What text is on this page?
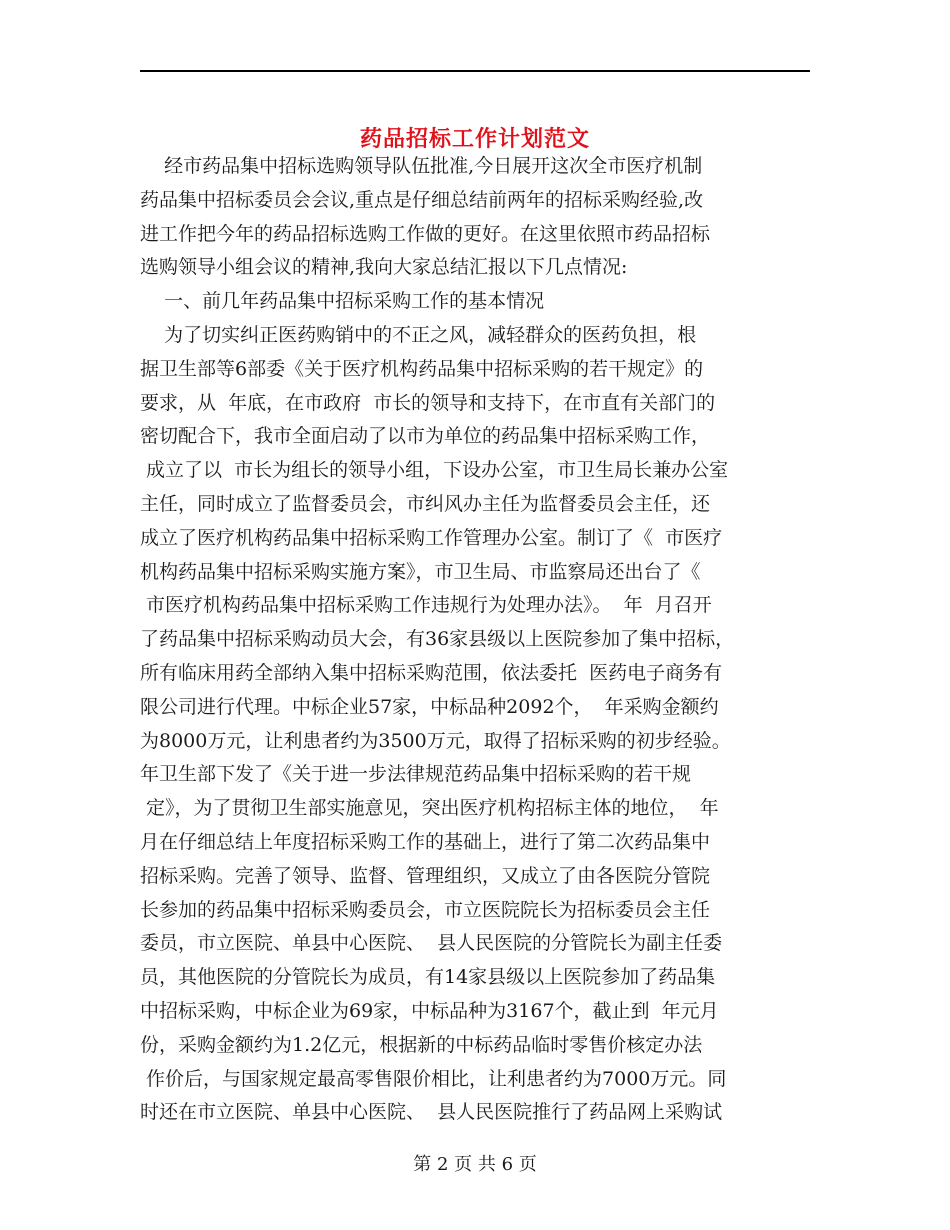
药品招标工作计划范文
经市药品集中招标选购领导队伍批准,今日展开这次全市医疗机制
药品集中招标委员会会议,重点是仔细总结前两年的招标采购经验,改
进工作把今年的药品招标选购工作做的更好。在这里依照市药品招标
选购领导小组会议的精神,我向大家总结汇报以下几点情况:
一、前几年药品集中招标采购工作的基本情况
为了切实纠正医药购销中的不正之风，减轻群众的医药负担，根
据卫生部等6部委《关于医疗机构药品集中招标采购的若干规定》的
要求，从  年底，在市政府  市长的领导和支持下，在市直有关部门的
密切配合下，我市全面启动了以市为单位的药品集中招标采购工作，
成立了以  市长为组长的领导小组，下设办公室，市卫生局长兼办公室
主任，同时成立了监督委员会，市纠风办主任为监督委员会主任，还
成立了医疗机构药品集中招标采购工作管理办公室。制订了《  市医疗
机构药品集中招标采购实施方案》，市卫生局、市监察局还出台了《
市医疗机构药品集中招标采购工作违规行为处理办法》。  年  月召开
了药品集中招标采购动员大会，有36家县级以上医院参加了集中招标，
所有临床用药全部纳入集中招标采购范围，依法委托  医药电子商务有
限公司进行代理。中标企业57家，中标品种2092个，  年采购金额约
为8000万元，让利患者约为3500万元，取得了招标采购的初步经验。
年卫生部下发了《关于进一步法律规范药品集中招标采购的若干规
定》，为了贯彻卫生部实施意见，突出医疗机构招标主体的地位，  年
月在仔细总结上年度招标采购工作的基础上，进行了第二次药品集中
招标采购。完善了领导、监督、管理组织，又成立了由各医院分管院
长参加的药品集中招标采购委员会，市立医院院长为招标委员会主任
委员，市立医院、单县中心医院、  县人民医院的分管院长为副主任委
员，其他医院的分管院长为成员，有14家县级以上医院参加了药品集
中招标采购，中标企业为69家，中标品种为3167个，截止到  年元月
份，采购金额约为1.2亿元，根据新的中标药品临时零售价核定办法
作价后，与国家规定最高零售限价相比，让利患者约为7000万元。同
时还在市立医院、单县中心医院、  县人民医院推行了药品网上采购试
第 2 页 共 6 页
